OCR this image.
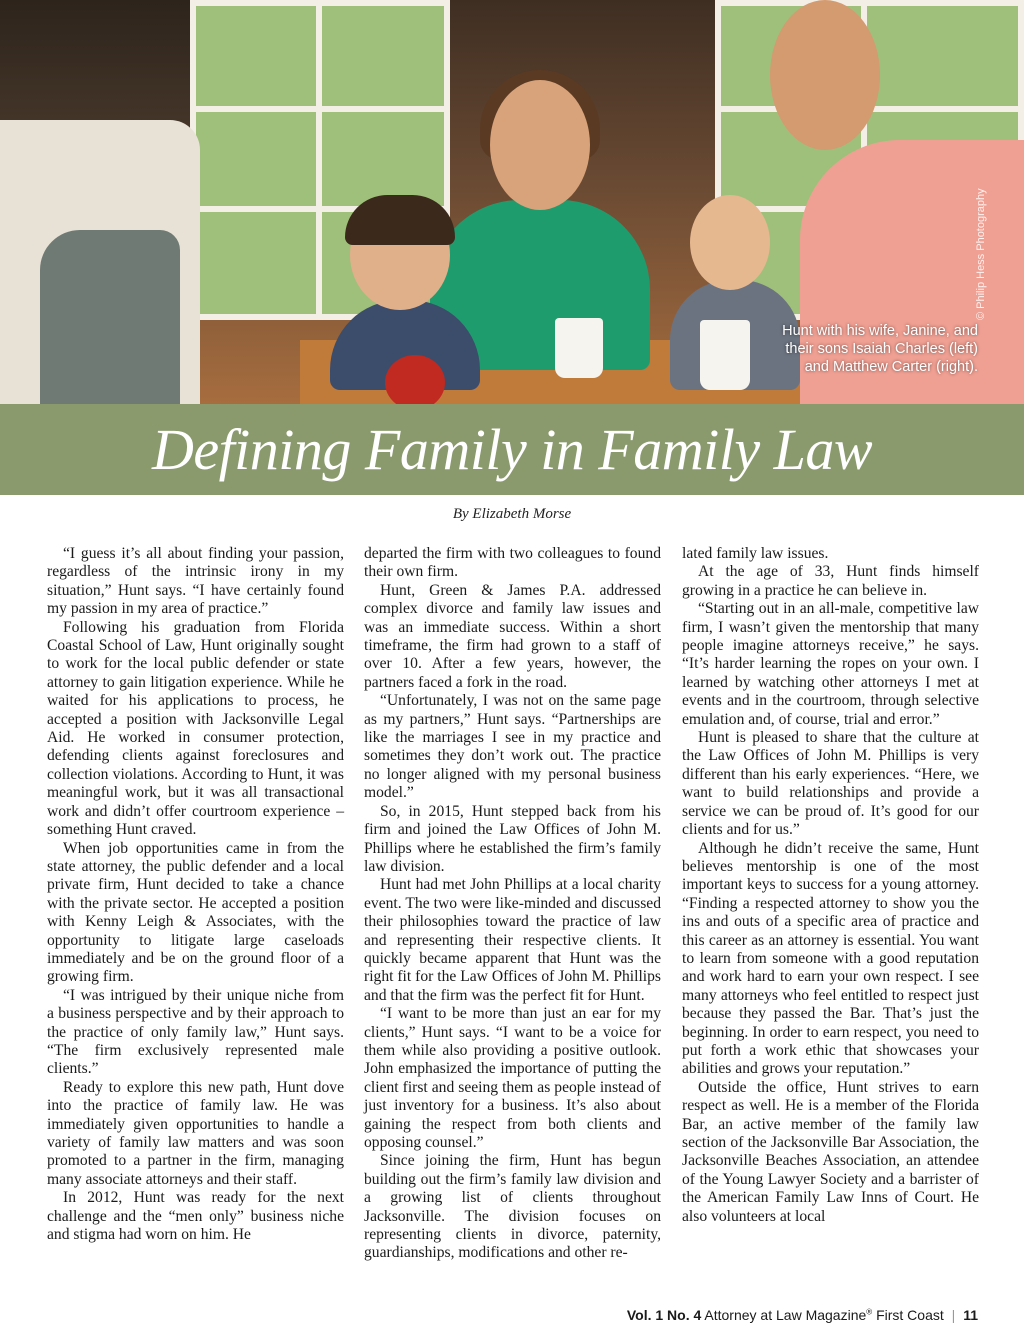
Hunt with his wife, Janine, and their sons Isaiah Charles (left) and Matthew Carter (right).
Defining Family in Family Law
By Elizabeth Morse

“I guess it’s all about finding your passion, regardless of the intrinsic irony in my situation,” Hunt says. “I have certainly found my passion in my area of practice.”

Following his graduation from Florida Coastal School of Law, Hunt originally sought to work for the local public defender or state attorney to gain litigation experience. While he waited for his applications to process, he accepted a position with Jacksonville Legal Aid. He worked in consumer protection, defending clients against foreclosures and collection violations. According to Hunt, it was meaningful work, but it was all transactional work and didn’t offer courtroom experience – something Hunt craved.

When job opportunities came in from the state attorney, the public defender and a local private firm, Hunt decided to take a chance with the private sector. He accepted a position with Kenny Leigh & Associates, with the opportunity to litigate large caseloads immediately and be on the ground floor of a growing firm.

“I was intrigued by their unique niche from a business perspective and by their approach to the practice of only family law,” Hunt says. “The firm exclusively represented male clients.”

Ready to explore this new path, Hunt dove into the practice of family law. He was immediately given opportunities to handle a variety of family law matters and was soon promoted to a partner in the firm, managing many associate attorneys and their staff.

In 2012, Hunt was ready for the next challenge and the “men only” business niche and stigma had worn on him. He

departed the firm with two colleagues to found their own firm.

Hunt, Green & James P.A. addressed complex divorce and family law issues and was an immediate success. Within a short timeframe, the firm had grown to a staff of over 10. After a few years, however, the partners faced a fork in the road.

“Unfortunately, I was not on the same page as my partners,” Hunt says. “Partnerships are like the marriages I see in my practice and sometimes they don’t work out. The practice no longer aligned with my personal business model.”

So, in 2015, Hunt stepped back from his firm and joined the Law Offices of John M. Phillips where he established the firm’s family law division.

Hunt had met John Phillips at a local charity event. The two were like-minded and discussed their philosophies toward the practice of law and representing their respective clients. It quickly became apparent that Hunt was the right fit for the Law Offices of John M. Phillips and that the firm was the perfect fit for Hunt.

“I want to be more than just an ear for my clients,” Hunt says. “I want to be a voice for them while also providing a positive outlook. John emphasized the importance of putting the client first and seeing them as people instead of just inventory for a business. It’s also about gaining the respect from both clients and opposing counsel.”

Since joining the firm, Hunt has begun building out the firm’s family law division and a growing list of clients throughout Jacksonville. The division focuses on representing clients in divorce, paternity, guardianships, modifications and other re-

lated family law issues.

At the age of 33, Hunt finds himself growing in a practice he can believe in.

“Starting out in an all-male, competitive law firm, I wasn’t given the mentorship that many people imagine attorneys receive,” he says. “It’s harder learning the ropes on your own. I learned by watching other attorneys I met at events and in the courtroom, through selective emulation and, of course, trial and error.”

Hunt is pleased to share that the culture at the Law Offices of John M. Phillips is very different than his early experiences. “Here, we want to build relationships and provide a service we can be proud of. It’s good for our clients and for us.”

Although he didn’t receive the same, Hunt believes mentorship is one of the most important keys to success for a young attorney. “Finding a respected attorney to show you the ins and outs of a specific area of practice and this career as an attorney is essential. You want to learn from someone with a good reputation and work hard to earn your own respect. I see many attorneys who feel entitled to respect just because they passed the Bar. That’s just the beginning. In order to earn respect, you need to put forth a work ethic that showcases your abilities and grows your reputation.”

Outside the office, Hunt strives to earn respect as well. He is a member of the Florida Bar, an active member of the family law section of the Jacksonville Bar Association, the Jacksonville Beaches Association, an attendee of the Young Lawyer Society and a barrister of the American Family Law Inns of Court. He also volunteers at local

Vol. 1 No. 4 Attorney at Law Magazine® First Coast | 11
